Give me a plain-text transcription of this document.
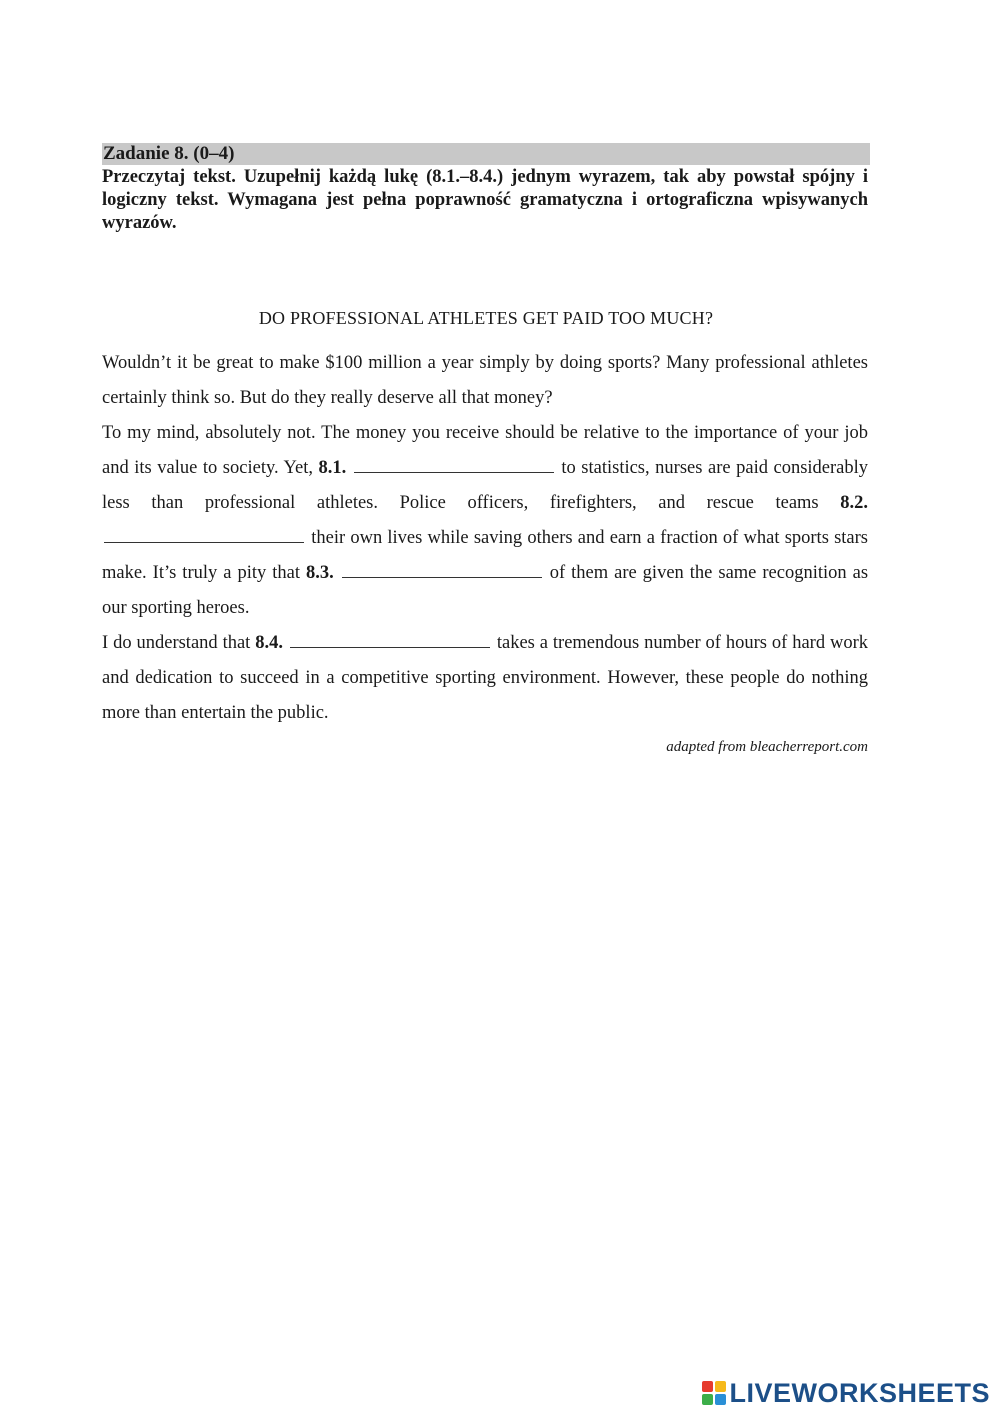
Zadanie 8. (0–4)

Przeczytaj tekst. Uzupełnij każdą lukę (8.1.–8.4.) jednym wyrazem, tak aby powstał spójny i logiczny tekst. Wymagana jest pełna poprawność gramatyczna i ortograficzna wpisywanych wyrazów.

DO PROFESSIONAL ATHLETES GET PAID TOO MUCH?

Wouldn’t it be great to make $100 million a year simply by doing sports? Many professional athletes certainly think so. But do they really deserve all that money?

To my mind, absolutely not. The money you receive should be relative to the importance of your job and its value to society. Yet, 8.1.	to statistics, nurses are paid considerably less than professional athletes. Police officers, firefighters, and rescue teams 8.2.  their own lives while saving others and earn a fraction of what sports stars make. It’s truly a pity that 8.3.	of them are given the same recognition as our sporting heroes.

I do understand that 8.4.	takes a tremendous number of hours of hard work and dedication to succeed in a competitive sporting environment. However, these people do nothing more than entertain the public.

adapted from bleacherreport.com
LIVEWORKSHEETS
